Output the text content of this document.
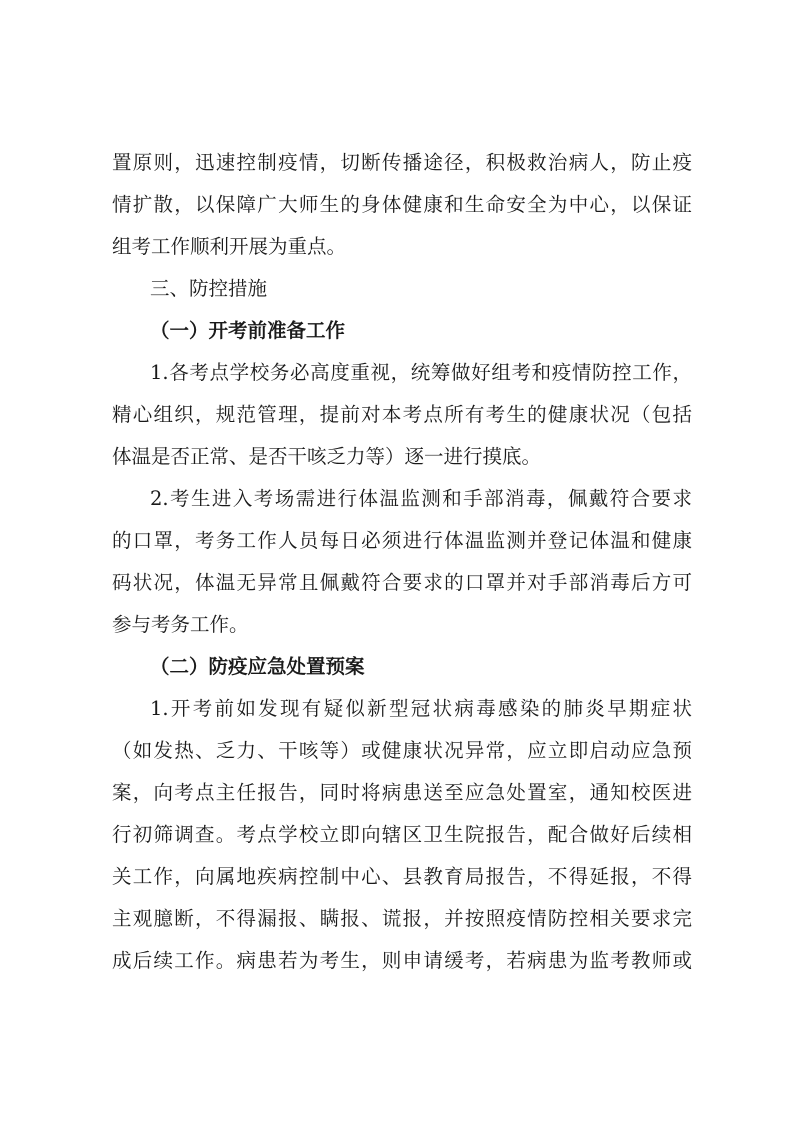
置原则，迅速控制疫情，切断传播途径，积极救治病人，防止疫
情扩散，以保障广大师生的身体健康和生命安全为中心，以保证
组考工作顺利开展为重点。
三、防控措施
（一）开考前准备工作
1.各考点学校务必高度重视，统筹做好组考和疫情防控工作，
精心组织，规范管理，提前对本考点所有考生的健康状况（包括
体温是否正常、是否干咳乏力等）逐一进行摸底。
2.考生进入考场需进行体温监测和手部消毒，佩戴符合要求
的口罩，考务工作人员每日必须进行体温监测并登记体温和健康
码状况，体温无异常且佩戴符合要求的口罩并对手部消毒后方可
参与考务工作。
（二）防疫应急处置预案
1.开考前如发现有疑似新型冠状病毒感染的肺炎早期症状
（如发热、乏力、干咳等）或健康状况异常，应立即启动应急预
案，向考点主任报告，同时将病患送至应急处置室，通知校医进
行初筛调查。考点学校立即向辖区卫生院报告，配合做好后续相
关工作，向属地疾病控制中心、县教育局报告，不得延报，不得
主观臆断，不得漏报、瞒报、谎报，并按照疫情防控相关要求完
成后续工作。病患若为考生，则申请缓考，若病患为监考教师或
